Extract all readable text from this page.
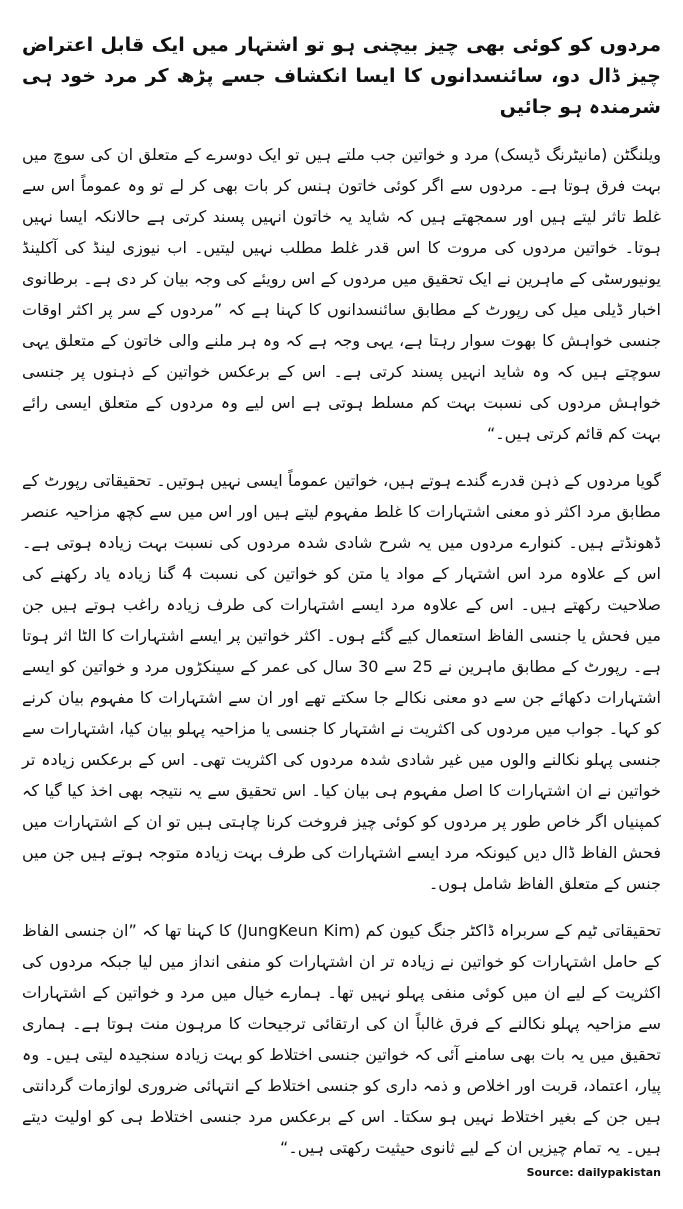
مردوں کو کوئی بھی چیز بیچنی ہو تو اشتہار میں ایک قابل اعتراض چیز ڈال دو، سائنسدانوں کا ایسا انکشاف جسے پڑھ کر مرد خود ہی شرمندہ ہو جائیں

ویلنگٹن (مانیٹرنگ ڈیسک) مرد و خواتین جب ملتے ہیں تو ایک دوسرے کے متعلق ان کی سوچ میں بہت فرق ہوتا ہے۔ مردوں سے اگر کوئی خاتون ہنس کر بات بھی کر لے تو وہ عموماً اس سے غلط تاثر لیتے ہیں اور سمجھتے ہیں کہ شاید یہ خاتون انہیں پسند کرتی ہے حالانکہ ایسا نہیں ہوتا۔ خواتین مردوں کی مروت کا اس قدر غلط مطلب نہیں لیتیں۔ اب نیوزی لینڈ کی آکلینڈ یونیورسٹی کے ماہرین نے ایک تحقیق میں مردوں کے اس رویئے کی وجہ بیان کر دی ہے۔ برطانوی اخبار ڈیلی میل کی رپورٹ کے مطابق سائنسدانوں کا کہنا ہے کہ ”مردوں کے سر پر اکثر اوقات جنسی خواہش کا بھوت سوار رہتا ہے، یہی وجہ ہے کہ وہ ہر ملنے والی خاتون کے متعلق یہی سوچتے ہیں کہ وہ شاید انہیں پسند کرتی ہے۔ اس کے برعکس خواتین کے ذہنوں پر جنسی خواہش مردوں کی نسبت بہت کم مسلط ہوتی ہے اس لیے وہ مردوں کے متعلق ایسی رائے بہت کم قائم کرتی ہیں۔“

گویا مردوں کے ذہن قدرے گندے ہوتے ہیں، خواتین عموماً ایسی نہیں ہوتیں۔ تحقیقاتی رپورٹ کے مطابق مرد اکثر ذو معنی اشتہارات کا غلط مفہوم لیتے ہیں اور اس میں سے کچھ مزاحیہ عنصر ڈھونڈتے ہیں۔ کنوارے مردوں میں یہ شرح شادی شدہ مردوں کی نسبت بہت زیادہ ہوتی ہے۔ اس کے علاوہ مرد اس اشتہار کے مواد یا متن کو خواتین کی نسبت 4 گنا زیادہ یاد رکھنے کی صلاحیت رکھتے ہیں۔ اس کے علاوہ مرد ایسے اشتہارات کی طرف زیادہ راغب ہوتے ہیں جن میں فحش یا جنسی الفاظ استعمال کیے گئے ہوں۔ اکثر خواتین پر ایسے اشتہارات کا الٹا اثر ہوتا ہے۔ رپورٹ کے مطابق ماہرین نے 25 سے 30 سال کی عمر کے سینکڑوں مرد و خواتین کو ایسے اشتہارات دکھائے جن سے دو معنی نکالے جا سکتے تھے اور ان سے اشتہارات کا مفہوم بیان کرنے کو کہا۔ جواب میں مردوں کی اکثریت نے اشتہار کا جنسی یا مزاحیہ پہلو بیان کیا، اشتہارات سے جنسی پہلو نکالنے والوں میں غیر شادی شدہ مردوں کی اکثریت تھی۔ اس کے برعکس زیادہ تر خواتین نے ان اشتہارات کا اصل مفہوم ہی بیان کیا۔ اس تحقیق سے یہ نتیجہ بھی اخذ کیا گیا کہ کمپنیاں اگر خاص طور پر مردوں کو کوئی چیز فروخت کرنا چاہتی ہیں تو ان کے اشتہارات میں فحش الفاظ ڈال دیں کیونکہ مرد ایسے اشتہارات کی طرف بہت زیادہ متوجہ ہوتے ہیں جن میں جنس کے متعلق الفاظ شامل ہوں۔

تحقیقاتی ٹیم کے سربراہ ڈاکٹر جنگ کیون کم (JungKeun Kim) کا کہنا تھا کہ ”ان جنسی الفاظ کے حامل اشتہارات کو خواتین نے زیادہ تر ان اشتہارات کو منفی انداز میں لیا جبکہ مردوں کی اکثریت کے لیے ان میں کوئی منفی پہلو نہیں تھا۔ ہمارے خیال میں مرد و خواتین کے اشتہارات سے مزاحیہ پہلو نکالنے کے فرق غالباً ان کی ارتقائی ترجیحات کا مرہون منت ہوتا ہے۔ ہماری تحقیق میں یہ بات بھی سامنے آئی کہ خواتین جنسی اختلاط کو بہت زیادہ سنجیدہ لیتی ہیں۔ وہ پیار، اعتماد، قربت اور اخلاص و ذمہ داری کو جنسی اختلاط کے انتہائی ضروری لوازمات گردانتی ہیں جن کے بغیر اختلاط نہیں ہو سکتا۔ اس کے برعکس مرد جنسی اختلاط ہی کو اولیت دیتے ہیں۔ یہ تمام چیزیں ان کے لیے ثانوی حیثیت رکھتی ہیں۔“

Source: dailypakistan
